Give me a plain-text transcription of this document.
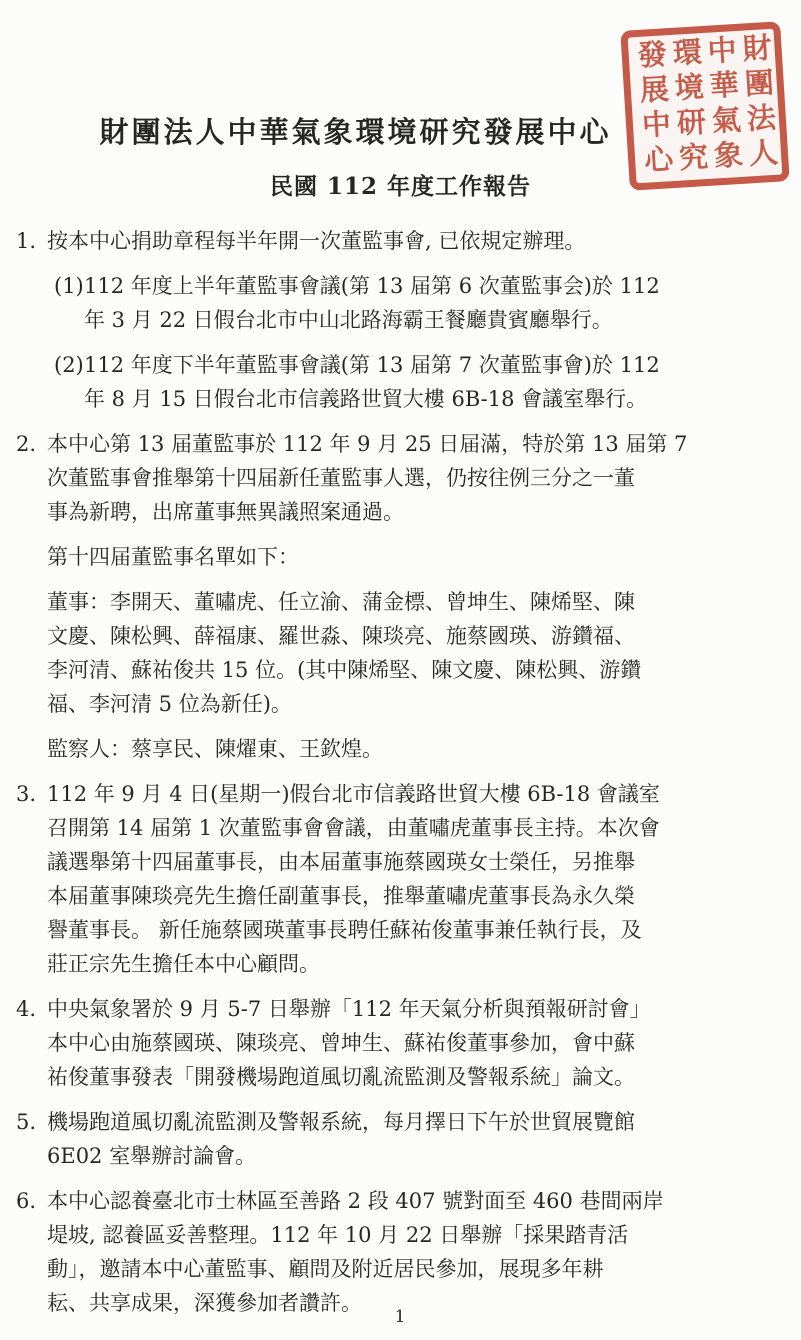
財團法人中華氣象環境研究發展中心
財團法人中華氣象環境研究發展中心
民國 112 年度工作報告
1. 按本中心捐助章程每半年開一次董監事會, 已依規定辦理。
(1) 112 年度上半年董監事會議(第 13 届第 6 次董監事会)於 112
年 3 月 22 日假台北市中山北路海霸王餐廳貴賓廳舉行。
(2) 112 年度下半年董監事會議(第 13 届第 7 次董監事會)於 112
年 8 月 15 日假台北市信義路世貿大樓 6B-18 會議室舉行。
2. 本中心第 13 届董監事於 112 年 9 月 25 日届滿，特於第 13 届第 7
次董監事會推舉第十四届新任董監事人選，仍按往例三分之一董
事為新聘，出席董事無異議照案通過。
第十四届董監事名單如下：
董事：李開天、董嘯虎、任立渝、蒲金標、曾坤生、陳烯堅、陳
文慶、陳松興、薛福康、羅世淼、陳琰亮、施蔡國瑛、游鑽福、
李河清、蘇祐俊共 15 位。(其中陳烯堅、陳文慶、陳松興、游鑽
福、李河清 5 位為新任)。
監察人：蔡享民、陳燿東、王欽煌。
3. 112 年 9 月 4 日(星期一)假台北市信義路世貿大樓 6B-18 會議室
召開第 14 届第 1 次董監事會會議，由董嘯虎董事長主持。本次會
議選舉第十四届董事長，由本届董事施蔡國瑛女士榮任，另推舉
本届董事陳琰亮先生擔任副董事長，推舉董嘯虎董事長為永久榮
譽董事長。 新任施蔡國瑛董事長聘任蘇祐俊董事兼任執行長，及
莊正宗先生擔任本中心顧問。
4. 中央氣象署於 9 月 5-7 日舉辦「112 年天氣分析與預報研討會」
本中心由施蔡國瑛、陳琰亮、曾坤生、蘇祐俊董事參加，會中蘇
祐俊董事發表「開發機場跑道風切亂流監測及警報系統」論文。
5. 機場跑道風切亂流監測及警報系統，每月擇日下午於世貿展覽館
6E02 室舉辦討論會。
6. 本中心認養臺北市士林區至善路 2 段 407 號對面至 460 巷間兩岸
堤坡, 認養區妥善整理。112 年 10 月 22 日舉辦「採果踏青活
動」，邀請本中心董監事、顧問及附近居民參加，展現多年耕
耘、共享成果，深獲參加者讚許。
1
